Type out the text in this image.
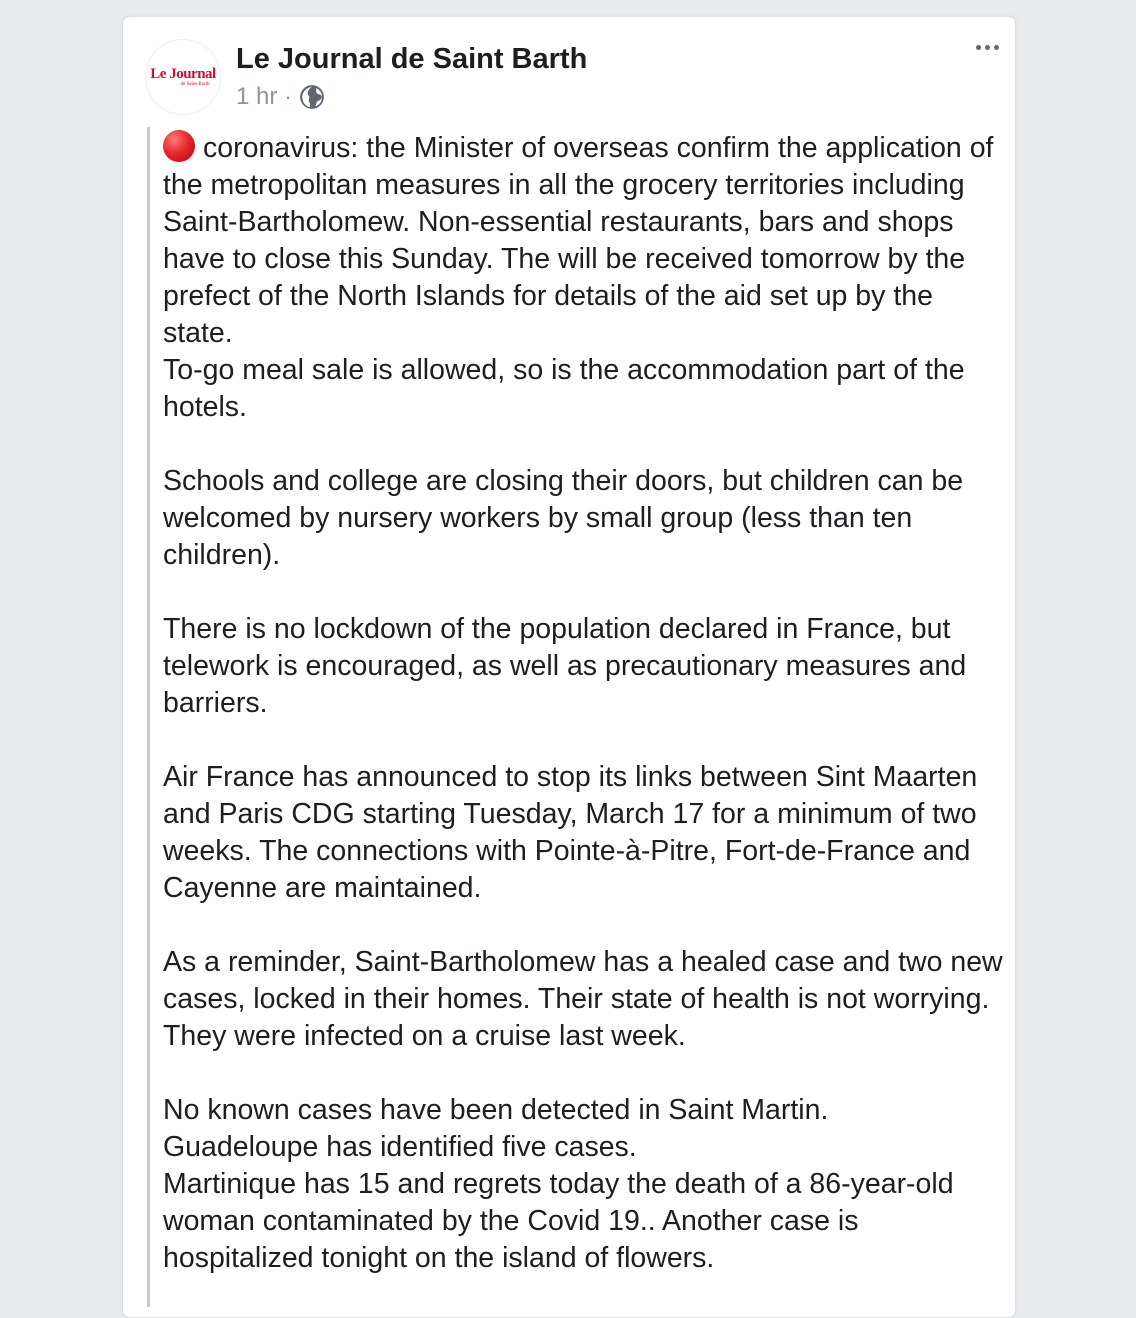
Le Journal
de Saint-Barth
Le Journal de Saint Barth
1 hr ·

coronavirus: the Minister of overseas confirm the application of the metropolitan measures in all the grocery territories including Saint-Bartholomew. Non-essential restaurants, bars and shops have to close this Sunday. The will be received tomorrow by the prefect of the North Islands for details of the aid set up by the state.
To-go meal sale is allowed, so is the accommodation part of the hotels.

Schools and college are closing their doors, but children can be welcomed by nursery workers by small group (less than ten children).

There is no lockdown of the population declared in France, but telework is encouraged, as well as precautionary measures and barriers.

Air France has announced to stop its links between Sint Maarten and Paris CDG starting Tuesday, March 17 for a minimum of two weeks. The connections with Pointe-à-Pitre, Fort-de-France and Cayenne are maintained.

As a reminder, Saint-Bartholomew has a healed case and two new cases, locked in their homes. Their state of health is not worrying. They were infected on a cruise last week.

No known cases have been detected in Saint Martin.
Guadeloupe has identified five cases.
Martinique has 15 and regrets today the death of a 86-year-old woman contaminated by the Covid 19.. Another case is hospitalized tonight on the island of flowers.
